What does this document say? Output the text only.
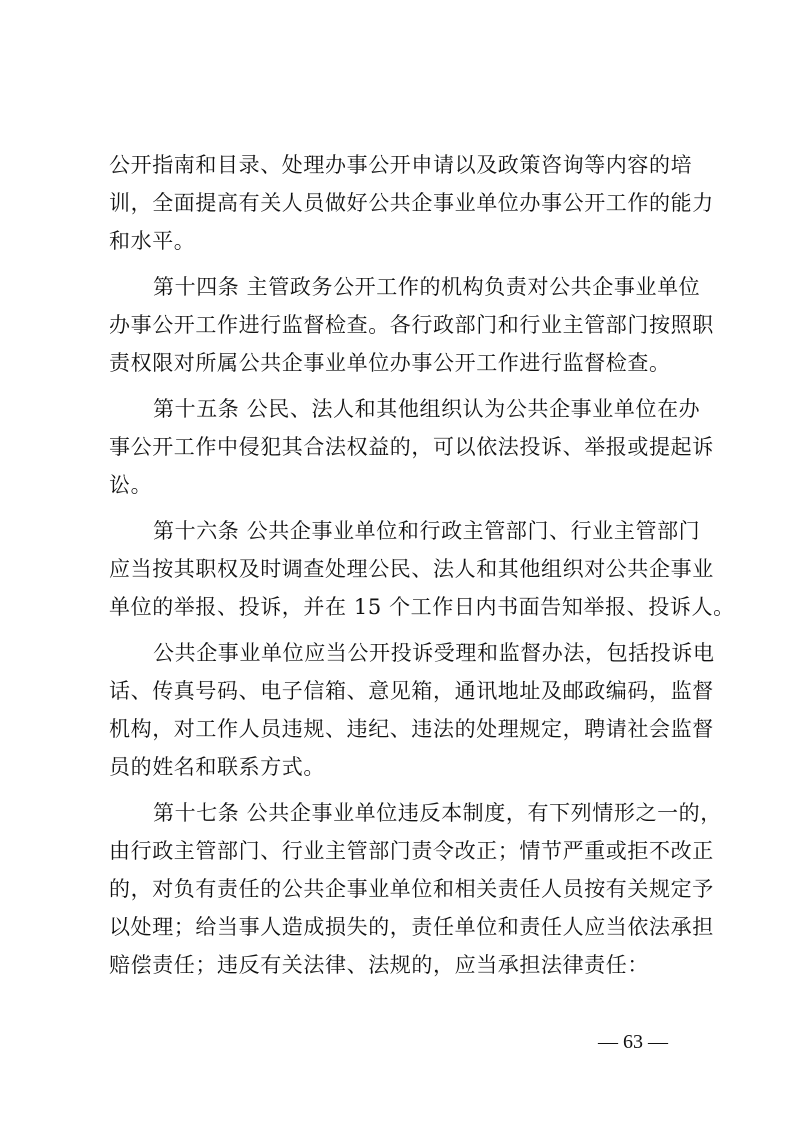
公开指南和目录、处理办事公开申请以及政策咨询等内容的培
训，全面提高有关人员做好公共企事业单位办事公开工作的能力
和水平。
第十四条 主管政务公开工作的机构负责对公共企事业单位
办事公开工作进行监督检查。各行政部门和行业主管部门按照职
责权限对所属公共企事业单位办事公开工作进行监督检查。
第十五条 公民、法人和其他组织认为公共企事业单位在办
事公开工作中侵犯其合法权益的，可以依法投诉、举报或提起诉
讼。
第十六条 公共企事业单位和行政主管部门、行业主管部门
应当按其职权及时调查处理公民、法人和其他组织对公共企事业
单位的举报、投诉，并在 15 个工作日内书面告知举报、投诉人。
公共企事业单位应当公开投诉受理和监督办法，包括投诉电
话、传真号码、电子信箱、意见箱，通讯地址及邮政编码，监督
机构，对工作人员违规、违纪、违法的处理规定，聘请社会监督
员的姓名和联系方式。
第十七条 公共企事业单位违反本制度，有下列情形之一的，
由行政主管部门、行业主管部门责令改正；情节严重或拒不改正
的，对负有责任的公共企事业单位和相关责任人员按有关规定予
以处理；给当事人造成损失的，责任单位和责任人应当依法承担
赔偿责任；违反有关法律、法规的，应当承担法律责任：
— 63 —
